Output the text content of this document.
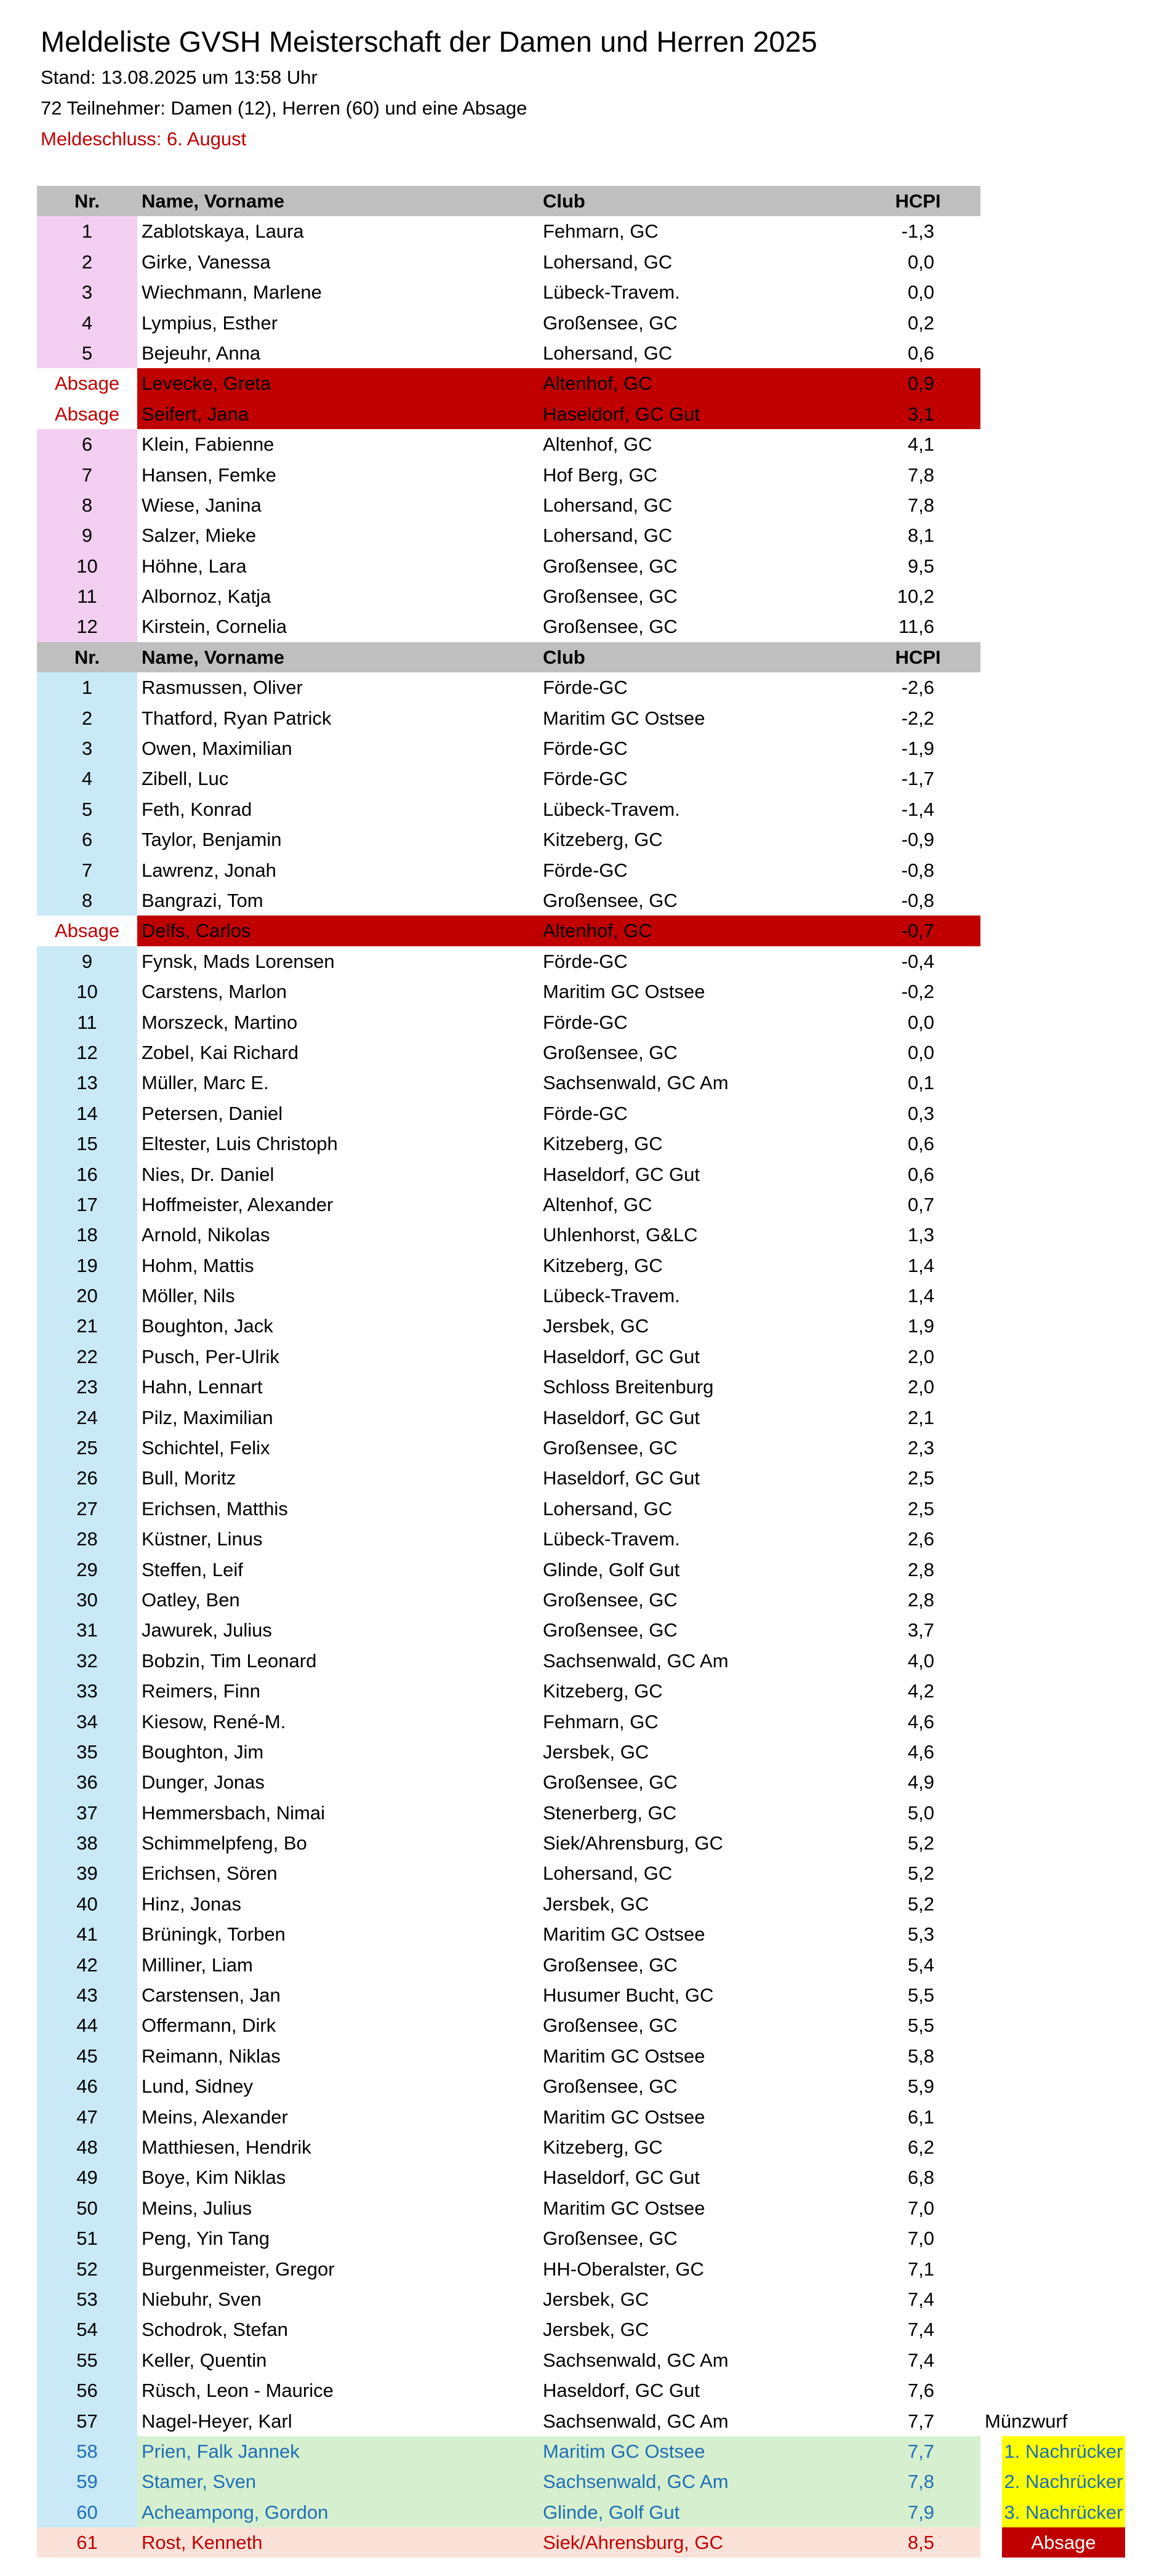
Meldeliste GVSH Meisterschaft der Damen und Herren 2025
Stand: 13.08.2025 um 13:58 Uhr
72 Teilnehmer: Damen (12), Herren (60) und eine Absage
Meldeschluss: 6. August
Nr.	Name, Vorname	Club	HCPI
1	Zablotskaya, Laura	Fehmarn, GC	-1,3
2	Girke, Vanessa	Lohersand, GC	0,0
3	Wiechmann, Marlene	Lübeck-Travem.	0,0
4	Lympius, Esther	Großensee, GC	0,2
5	Bejeuhr, Anna	Lohersand, GC	0,6
Absage	Levecke, Greta	Altenhof, GC	0,9
Absage	Seifert, Jana	Haseldorf, GC Gut	3,1
6	Klein, Fabienne	Altenhof, GC	4,1
7	Hansen, Femke	Hof Berg, GC	7,8
8	Wiese, Janina	Lohersand, GC	7,8
9	Salzer, Mieke	Lohersand, GC	8,1
10	Höhne, Lara	Großensee, GC	9,5
11	Albornoz, Katja	Großensee, GC	10,2
12	Kirstein, Cornelia	Großensee, GC	11,6
Nr.	Name, Vorname	Club	HCPI
1	Rasmussen, Oliver	Förde-GC	-2,6
2	Thatford, Ryan Patrick	Maritim GC Ostsee	-2,2
3	Owen, Maximilian	Förde-GC	-1,9
4	Zibell, Luc	Förde-GC	-1,7
5	Feth, Konrad	Lübeck-Travem.	-1,4
6	Taylor, Benjamin	Kitzeberg, GC	-0,9
7	Lawrenz, Jonah	Förde-GC	-0,8
8	Bangrazi, Tom	Großensee, GC	-0,8
Absage	Delfs, Carlos	Altenhof, GC	-0,7
9	Fynsk, Mads Lorensen	Förde-GC	-0,4
10	Carstens, Marlon	Maritim GC Ostsee	-0,2
11	Morszeck, Martino	Förde-GC	0,0
12	Zobel, Kai Richard	Großensee, GC	0,0
13	Müller, Marc E.	Sachsenwald, GC Am	0,1
14	Petersen, Daniel	Förde-GC	0,3
15	Eltester, Luis Christoph	Kitzeberg, GC	0,6
16	Nies, Dr. Daniel	Haseldorf, GC Gut	0,6
17	Hoffmeister, Alexander	Altenhof, GC	0,7
18	Arnold, Nikolas	Uhlenhorst, G&LC	1,3
19	Hohm, Mattis	Kitzeberg, GC	1,4
20	Möller, Nils	Lübeck-Travem.	1,4
21	Boughton, Jack	Jersbek, GC	1,9
22	Pusch, Per-Ulrik	Haseldorf, GC Gut	2,0
23	Hahn, Lennart	Schloss Breitenburg	2,0
24	Pilz, Maximilian	Haseldorf, GC Gut	2,1
25	Schichtel, Felix	Großensee, GC	2,3
26	Bull, Moritz	Haseldorf, GC Gut	2,5
27	Erichsen, Matthis	Lohersand, GC	2,5
28	Küstner, Linus	Lübeck-Travem.	2,6
29	Steffen, Leif	Glinde, Golf Gut	2,8
30	Oatley, Ben	Großensee, GC	2,8
31	Jawurek, Julius	Großensee, GC	3,7
32	Bobzin, Tim Leonard	Sachsenwald, GC Am	4,0
33	Reimers, Finn	Kitzeberg, GC	4,2
34	Kiesow, René-M.	Fehmarn, GC	4,6
35	Boughton, Jim	Jersbek, GC	4,6
36	Dunger, Jonas	Großensee, GC	4,9
37	Hemmersbach, Nimai	Stenerberg, GC	5,0
38	Schimmelpfeng, Bo	Siek/Ahrensburg, GC	5,2
39	Erichsen, Sören	Lohersand, GC	5,2
40	Hinz, Jonas	Jersbek, GC	5,2
41	Brüningk, Torben	Maritim GC Ostsee	5,3
42	Milliner, Liam	Großensee, GC	5,4
43	Carstensen, Jan	Husumer Bucht, GC	5,5
44	Offermann, Dirk	Großensee, GC	5,5
45	Reimann, Niklas	Maritim GC Ostsee	5,8
46	Lund, Sidney	Großensee, GC	5,9
47	Meins, Alexander	Maritim GC Ostsee	6,1
48	Matthiesen, Hendrik	Kitzeberg, GC	6,2
49	Boye, Kim Niklas	Haseldorf, GC Gut	6,8
50	Meins, Julius	Maritim GC Ostsee	7,0
51	Peng, Yin Tang	Großensee, GC	7,0
52	Burgenmeister, Gregor	HH-Oberalster, GC	7,1
53	Niebuhr, Sven	Jersbek, GC	7,4
54	Schodrok, Stefan	Jersbek, GC	7,4
55	Keller, Quentin	Sachsenwald, GC Am	7,4
56	Rüsch, Leon - Maurice	Haseldorf, GC Gut	7,6
57	Nagel-Heyer, Karl	Sachsenwald, GC Am	7,7	Münzwurf
58	Prien, Falk Jannek	Maritim GC Ostsee	7,7	1. Nachrücker
59	Stamer, Sven	Sachsenwald, GC Am	7,8	2. Nachrücker
60	Acheampong, Gordon	Glinde, Golf Gut	7,9	3. Nachrücker
61	Rost, Kenneth	Siek/Ahrensburg, GC	8,5	Absage
